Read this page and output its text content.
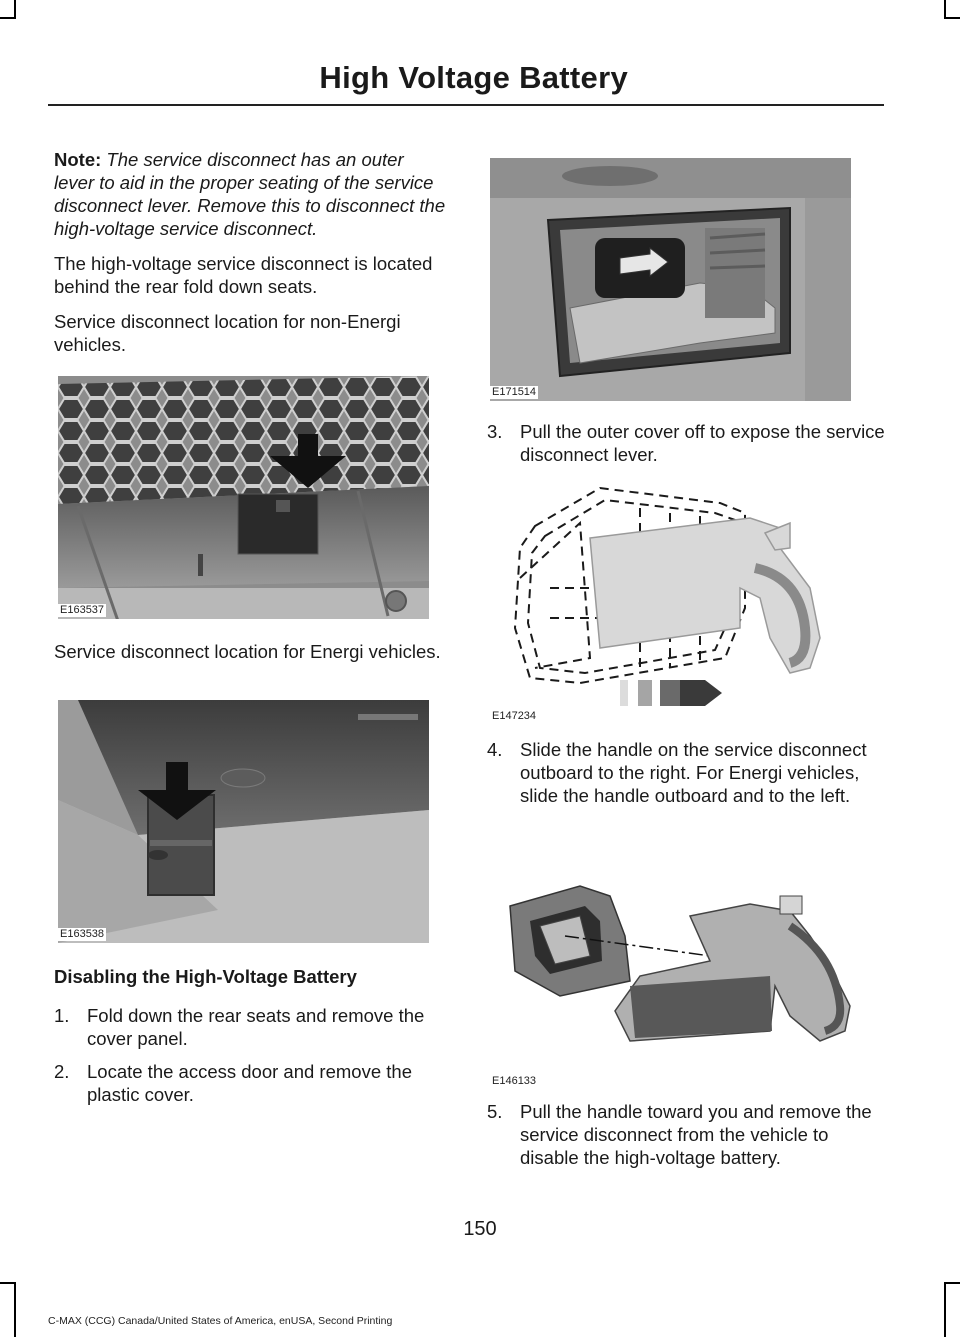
High Voltage Battery

Note: The service disconnect has an outer lever to aid in the proper seating of the service disconnect lever. Remove this to disconnect the high-voltage service disconnect.

The high-voltage service disconnect is located behind the rear fold down seats.

Service disconnect location for non-Energi vehicles.

E163537

Service disconnect location for Energi vehicles.

E163538
Disabling the High-Voltage Battery
1. Fold down the rear seats and remove the cover panel.
2. Locate the access door and remove the plastic cover.
E171514
3. Pull the outer cover off to expose the service disconnect lever.
E147234
4. Slide the handle on the service disconnect outboard to the right. For Energi vehicles, slide the handle outboard and to the left.
E146133
5. Pull the handle toward you and remove the service disconnect from the vehicle to disable the high-voltage battery.
150
C-MAX (CCG) Canada/United States of America, enUSA, Second Printing
